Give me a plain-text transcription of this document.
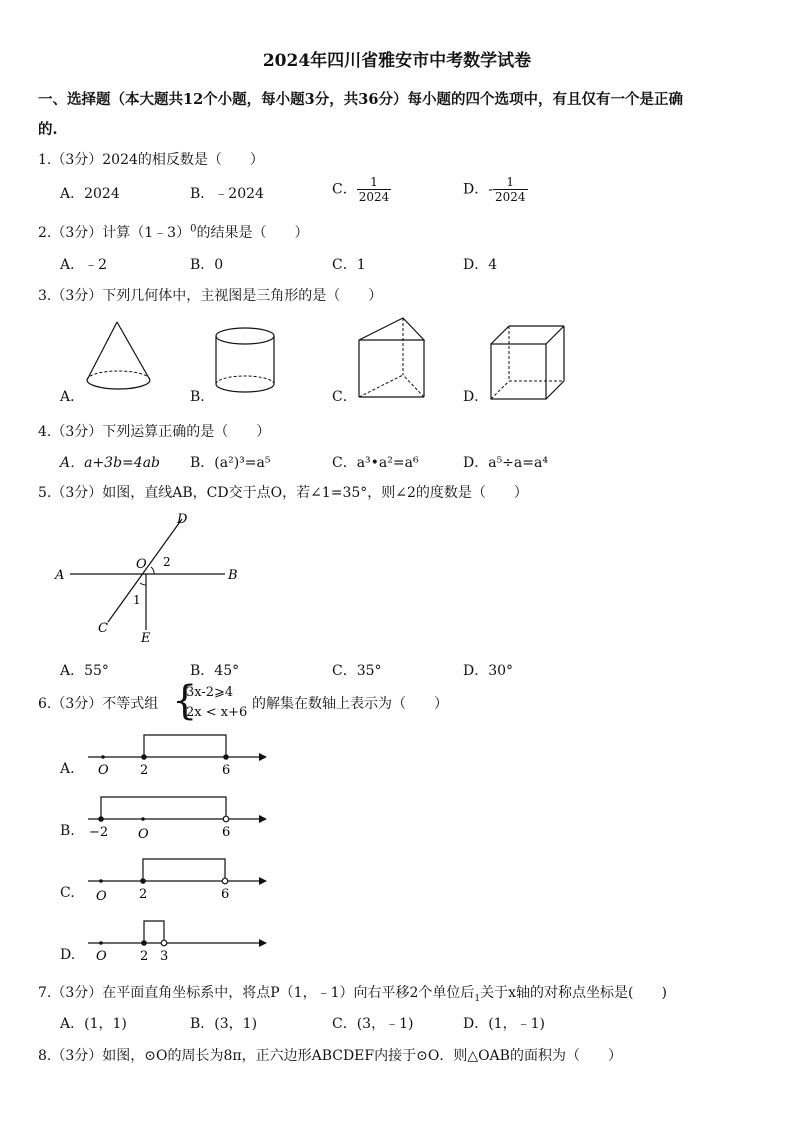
2024年四川省雅安市中考数学试卷
一、选择题（本大题共12个小题，每小题3分，共36分）每小题的四个选项中，有且仅有一个是正确
的.
1.（3分）2024的相反数是（　　）
A．2024	B．﹣2024	C． $\frac{1}{2024}$	D．- $\frac{1}{2024}$
2.（3分）计算（1﹣3）$^0$的结果是（　　）
A．﹣2	B．0	C．1	D．4
3.（3分）下列几何体中，主视图是三角形的是（　　）
A．	B．	C．	D．
4.（3分）下列运算正确的是（　　）
A．a+3b=4ab B．(a²)³=a⁵	C．a³•a²=a⁶	D．a⁵÷a=a⁴
5.（3分）如图，直线AB，CD交于点O，若∠1=35°，则∠2的度数是（　　）
A	B
C
D
E
O 2
1
A．55°	B．45°	C．35°	D．30°
6.（3分）不等式组 {
3x-2⩾4
2x < x+6
的解集在数轴上表示为（　　）
A. O 2	6
B. −2 O	6
C. O 2	6
D. O	2 3
7.（3分）在平面直角坐标系中，将点P（1，﹣1）向右平移2个单位后$_1$关于x轴的对称点坐标是(　　)
A．(1，1)	B．(3，1)	C．(3，﹣1)	D．(1，﹣1)
8.（3分）如图，⊙O的周长为8π，正六边形ABCDEF内接于⊙O．则△OAB的面积为（　　）
